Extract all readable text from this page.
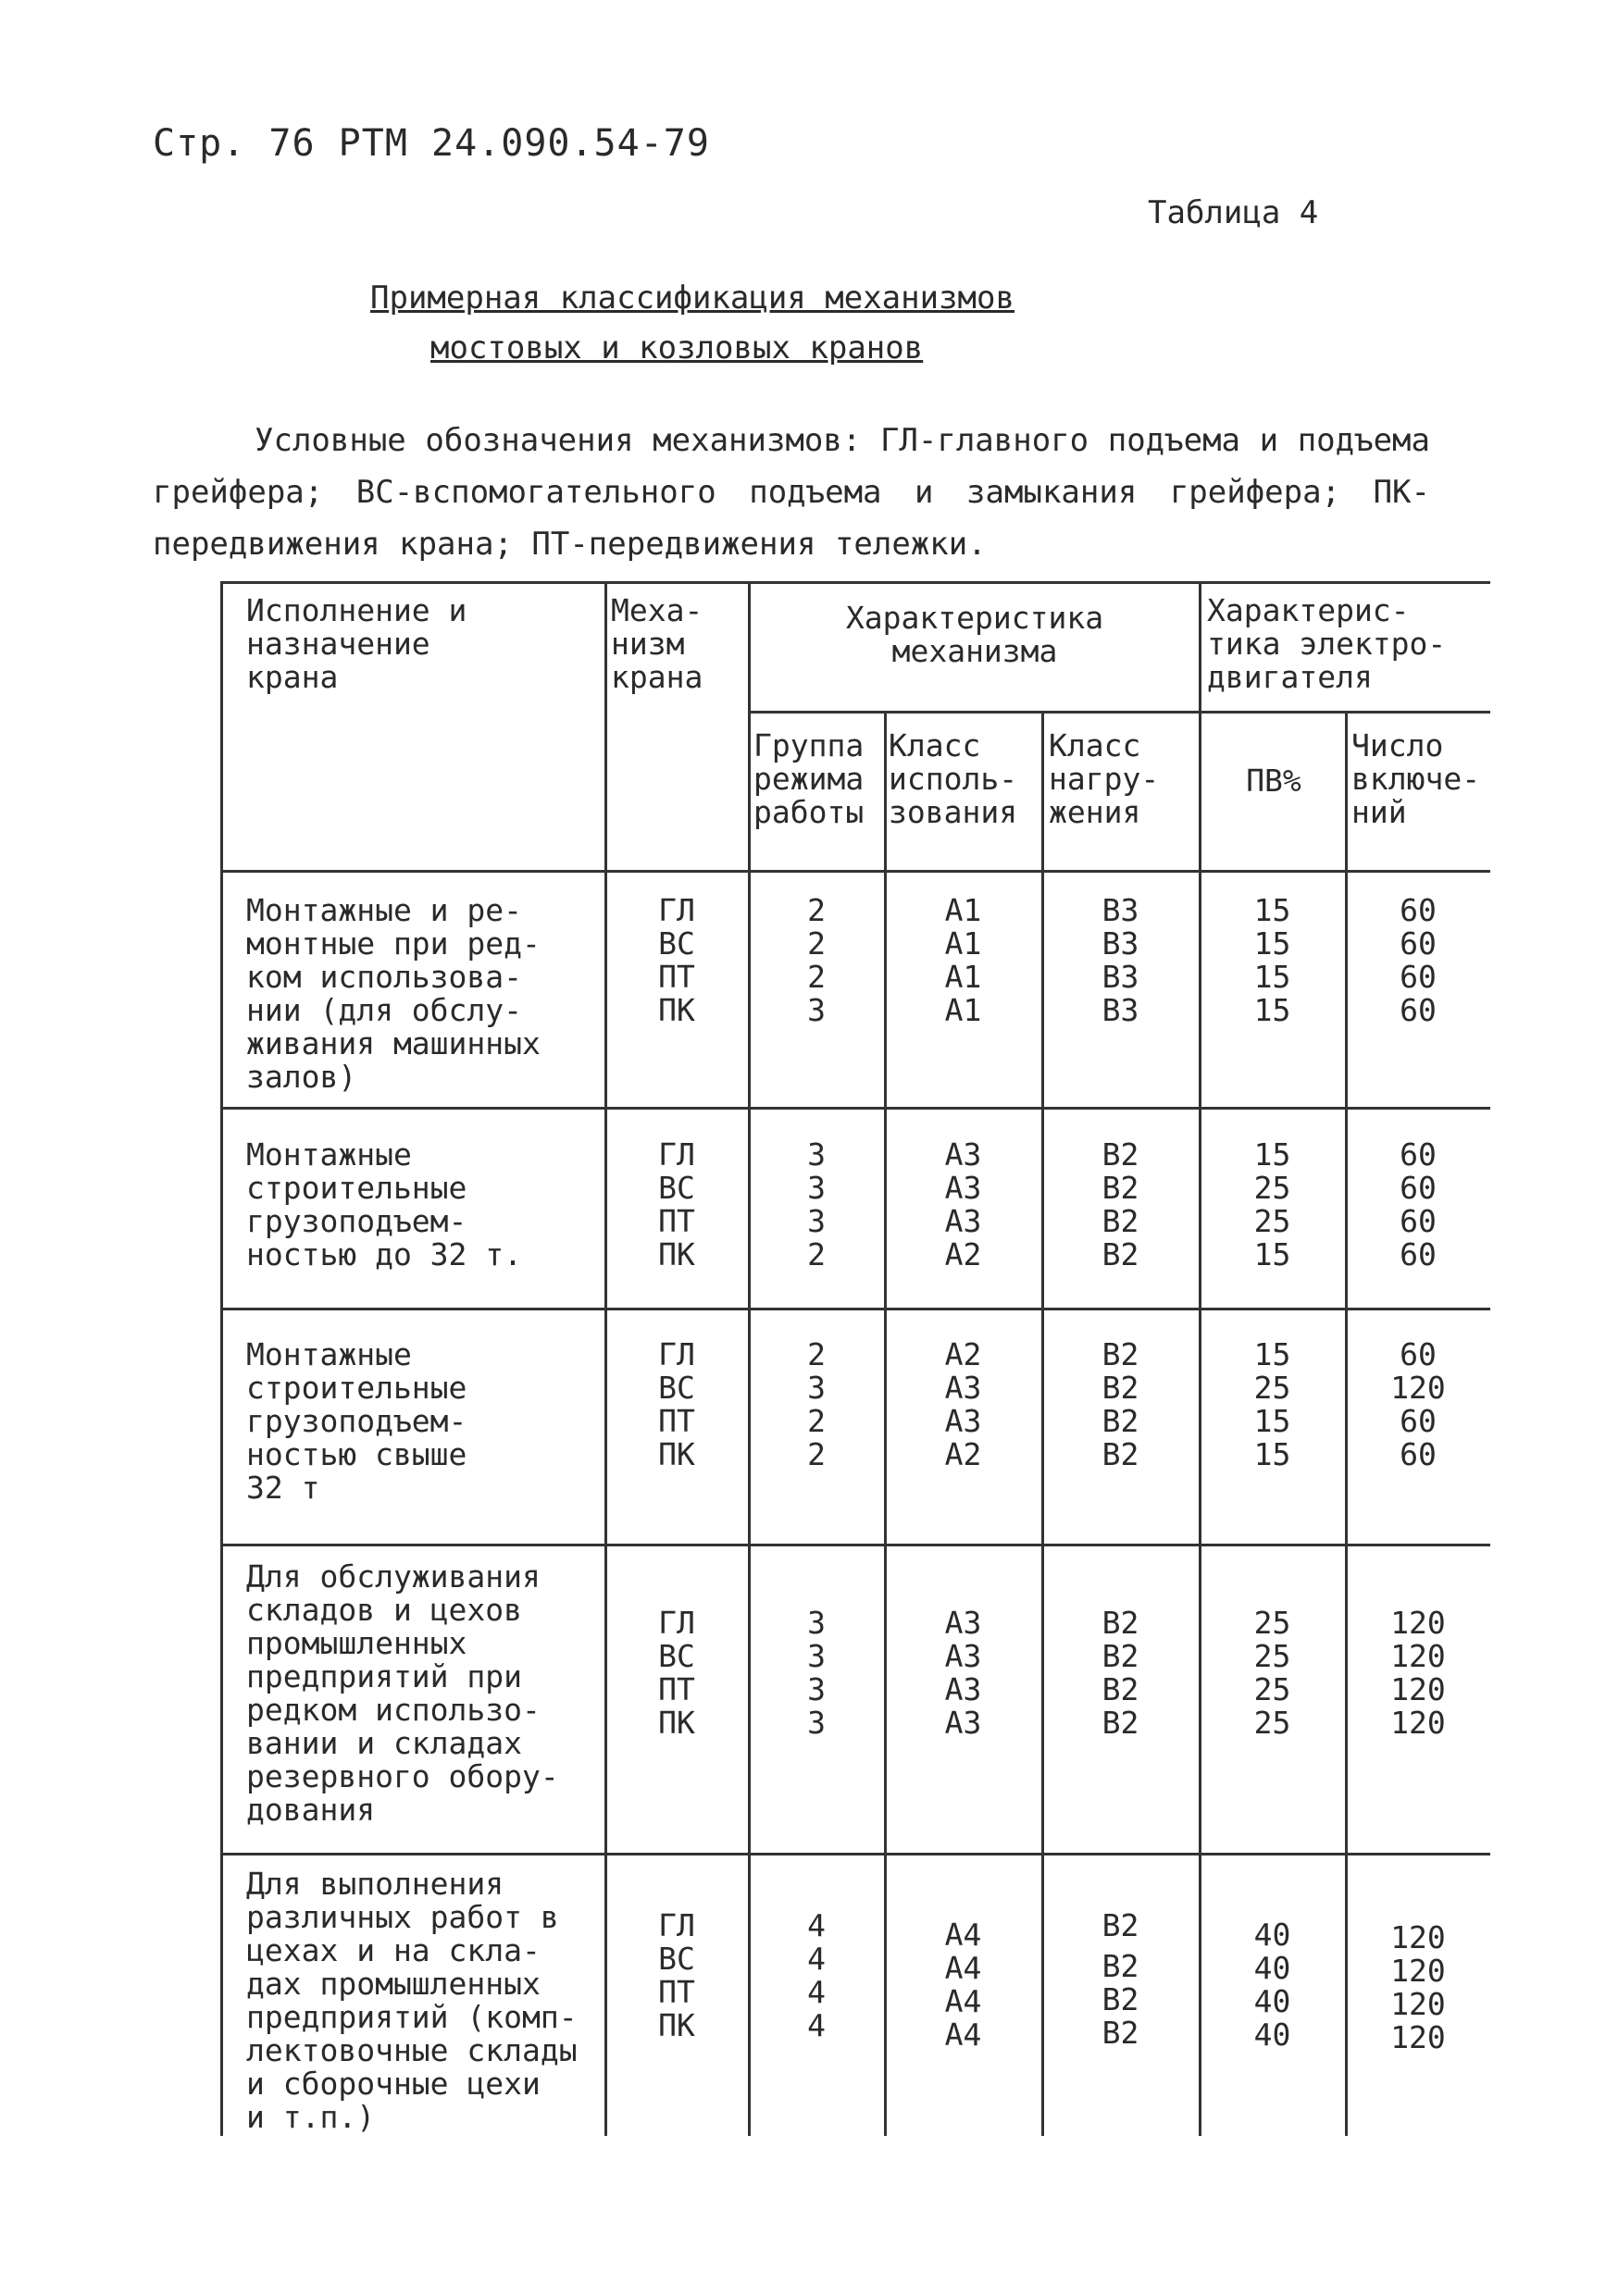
Стр. 76 РТМ 24.090.54-79
Таблица 4
Примерная классификация механизмов
мостовых и козловых кранов

Условные обозначения механизмов: ГЛ-главного подъема и подъема грейфера; ВС-вспомогательного подъема и замыкания грейфера; ПК-передвижения крана; ПТ-передвижения тележки.

Исполнение и
назначение
крана
Меха-
низм
крана
Характеристика
механизма
Характерис-
тика электро-
двигателя
Группа
режима
работы
Класс
исполь-
зования
Класс
нагру-
жения
ПВ%
Число
включе-
ний
Монтажные и ре-
монтные при ред-
ком использова-
нии (для обслу-
живания машинных
залов)
ГЛ
ВС
ПТ
ПК
2
2
2
3
А1
А1
А1
А1
В3
В3
В3
В3
15
15
15
15
60
60
60
60
Монтажные
строительные
грузоподъем-
ностью до 32 т.
ГЛ
ВС
ПТ
ПК
3
3
3
2
А3
А3
А3
А2
В2
В2
В2
В2
15
25
25
15
60
60
60
60
Монтажные
строительные
грузоподъем-
ностью свыше
32 т
ГЛ
ВС
ПТ
ПК
2
3
2
2
А2
А3
А3
А2
В2
В2
В2
В2
15
25
15
15
60
120
60
60
Для обслуживания
складов и цехов
промышленных
предприятий при
редком использо-
вании и складах
резервного обору-
дования
ГЛ
ВС
ПТ
ПК
3
3
3
3
А3
А3
А3
А3
В2
В2
В2
В2
25
25
25
25
120
120
120
120
Для выполнения
различных работ в
цехах и на скла-
дах промышленных
предприятий (комп-
лектовочные склады
и сборочные цехи
и т.п.)
ГЛ
ВС
ПТ
ПК
4
4
4
4
А4
А4
А4
А4
В2
В2
В2
В2
40
40
40
40
120
120
120
120
